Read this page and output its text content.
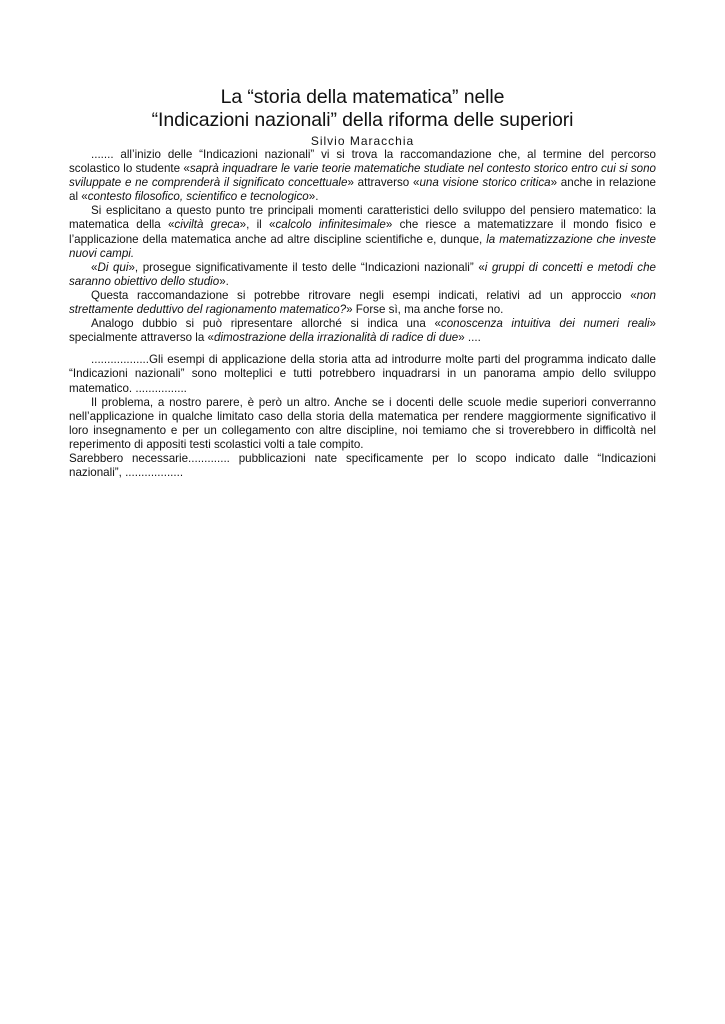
La “storia della matematica” nelle
“Indicazioni nazionali” della riforma delle superiori
Silvio Maracchia

....... all’inizio delle “Indicazioni nazionali” vi si trova la raccomandazione che, al termine del percorso scolastico lo studente «saprà inquadrare le varie teorie matematiche studiate nel contesto storico entro cui si sono sviluppate e ne comprenderà il significato concettuale» attraverso «una visione storico critica» anche in relazione al «contesto filosofico, scientifico e tecnologico».

Si esplicitano a questo punto tre principali momenti caratteristici dello sviluppo del pensiero matematico: la matematica della «civiltà greca», il «calcolo infinitesimale» che riesce a matematizzare il mondo fisico e l’applicazione della matematica anche ad altre discipline scientifiche e, dunque, la matematizzazione che investe nuovi campi.

«Di qui», prosegue significativamente il testo delle “Indicazioni nazionali” «i gruppi di concetti e metodi che saranno obiettivo dello studio».

Questa raccomandazione si potrebbe ritrovare negli esempi indicati, relativi ad un approccio «non strettamente deduttivo del ragionamento matematico?» Forse sì, ma anche forse no.

Analogo dubbio si può ripresentare allorché si indica una «conoscenza intuitiva dei numeri reali» specialmente attraverso la «dimostrazione della irrazionalità di radice di due» ....

..................Gli esempi di applicazione della storia atta ad introdurre molte parti del programma indicato dalle “Indicazioni nazionali” sono molteplici e tutti potrebbero inquadrarsi in un panorama ampio dello sviluppo matematico. ................

Il problema, a nostro parere, è però un altro. Anche se i docenti delle scuole medie superiori converranno nell’applicazione in qualche limitato caso della storia della matematica per rendere maggiormente significativo il loro insegnamento e per un collegamento con altre discipline, noi temiamo che si troverebbero in difficoltà nel reperimento di appositi testi scolastici volti a tale compito.

Sarebbero necessarie............. pubblicazioni nate specificamente per lo scopo indicato dalle “Indicazioni nazionali”, ..................
